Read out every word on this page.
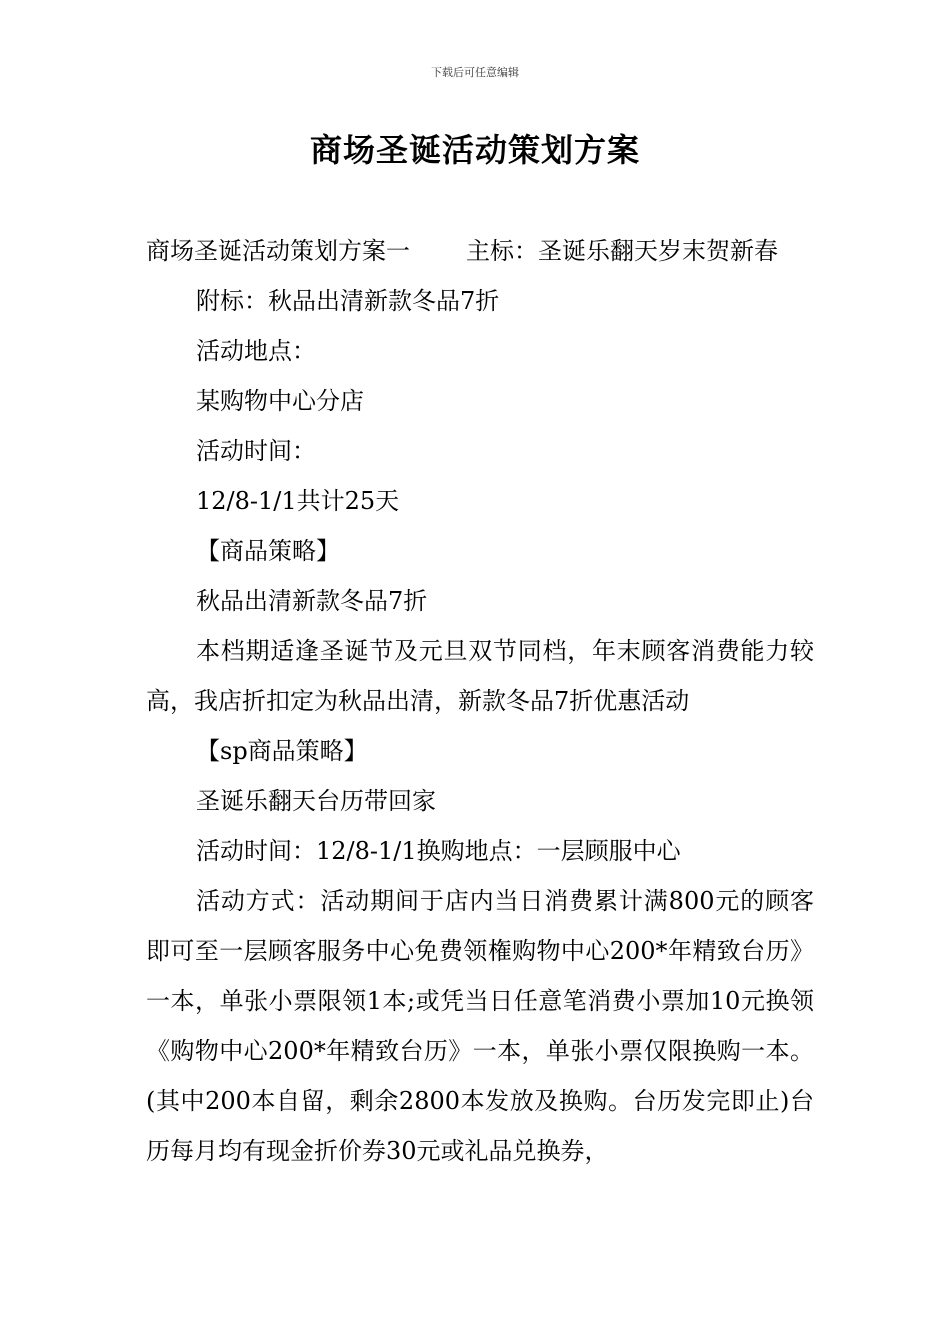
下载后可任意编辑
商场圣诞活动策划方案

商场圣诞活动策划方案一 主标：圣诞乐翻天岁末贺新春

附标：秋品出清新款冬品7折

活动地点：

某购物中心分店

活动时间：

12/8-1/1共计25天

【商品策略】

秋品出清新款冬品7折

本档期适逢圣诞节及元旦双节同档，年末顾客消费能力较高，我店折扣定为秋品出清，新款冬品7折优惠活动

【sp商品策略】

圣诞乐翻天台历带回家

活动时间：12/8-1/1换购地点：一层顾服中心

活动方式：活动期间于店内当日消费累计满800元的顾客即可至一层顾客服务中心免费领権购物中心200*年精致台历》一本，单张小票限领1本;或凭当日任意笔消费小票加10元换领《购物中心200*年精致台历》一本，单张小票仅限换购一本。(其中200本自留，剩余2800本发放及换购。台历发完即止)台历每月均有现金折价券30元或礼品兑换券，
